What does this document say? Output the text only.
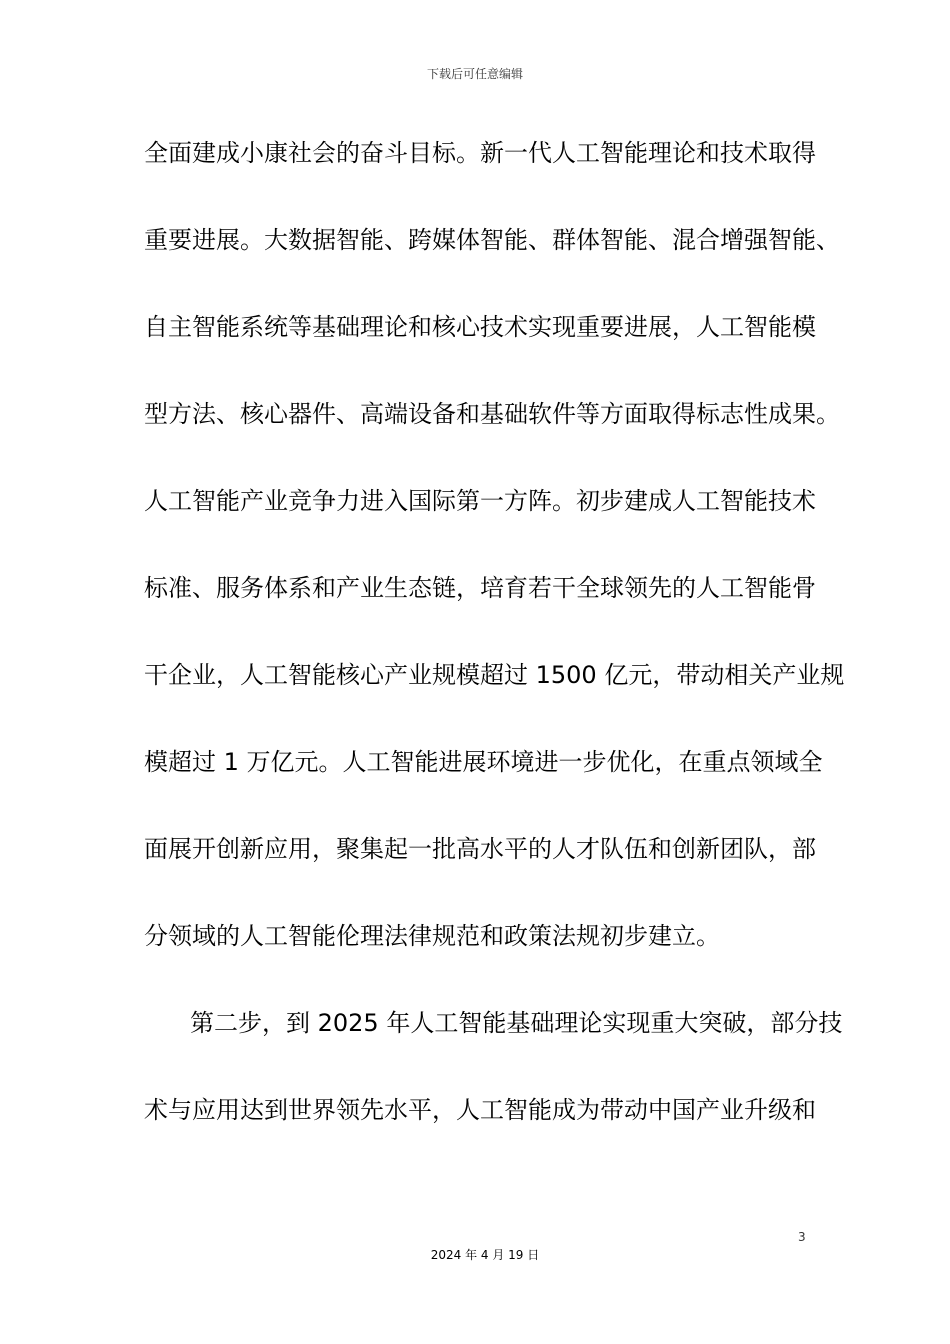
下载后可任意编辑
全面建成小康社会的奋斗目标。新一代人工智能理论和技术取得
重要进展。大数据智能、跨媒体智能、群体智能、混合增强智能、
自主智能系统等基础理论和核心技术实现重要进展，人工智能模
型方法、核心器件、高端设备和基础软件等方面取得标志性成果。
人工智能产业竞争力进入国际第一方阵。初步建成人工智能技术
标准、服务体系和产业生态链，培育若干全球领先的人工智能骨
干企业，人工智能核心产业规模超过 1500 亿元，带动相关产业规
模超过 1 万亿元。人工智能进展环境进一步优化，在重点领域全
面展开创新应用，聚集起一批高水平的人才队伍和创新团队，部
分领域的人工智能伦理法律规范和政策法规初步建立。
第二步，到 2025 年人工智能基础理论实现重大突破，部分技
术与应用达到世界领先水平，人工智能成为带动中国产业升级和
3
2024 年 4 月 19 日
